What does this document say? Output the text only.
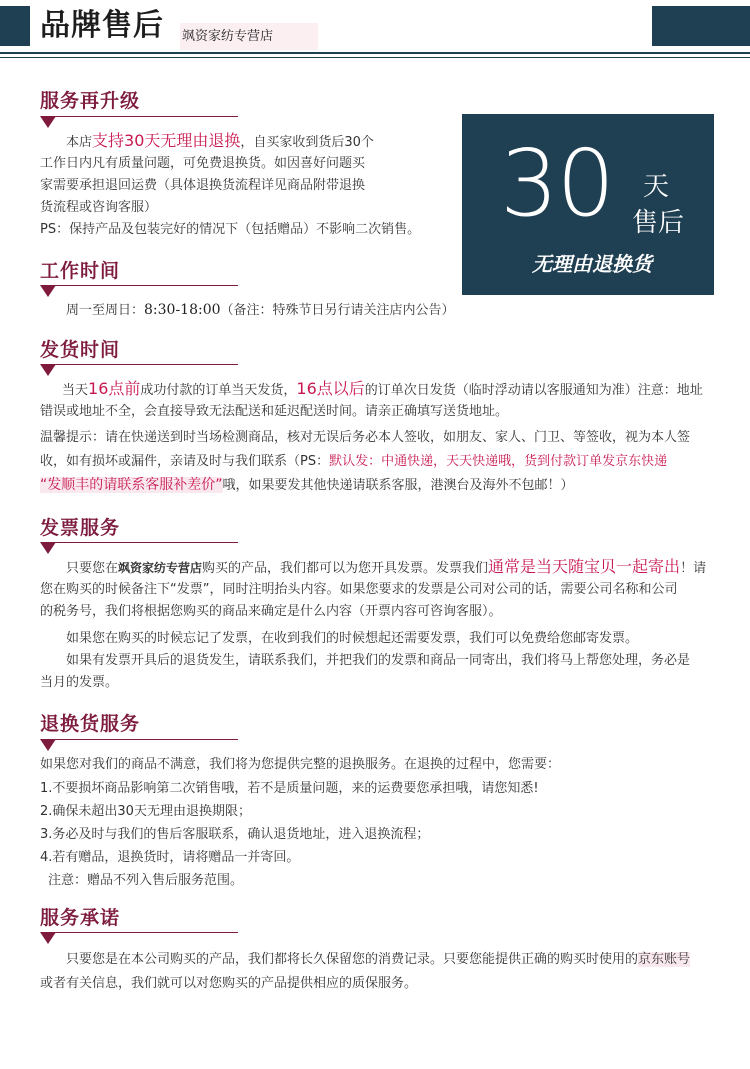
品牌售后 飒资家纺专营店
30 天
售后
无理由退换货
服务再升级
本店支持30天无理由退换，自买家收到货后30个
工作日内凡有质量问题，可免费退换货。如因喜好问题买
家需要承担退回运费（具体退换货流程详见商品附带退换
货流程或咨询客服）
PS：保持产品及包装完好的情况下（包括赠品）不影响二次销售。
工作时间
周一至周日：8:30-18:00（备注：特殊节日另行请关注店内公告）
发货时间
当天16点前成功付款的订单当天发货，16点以后的订单次日发货（临时浮动请以客服通知为准）注意：地址
错误或地址不全，会直接导致无法配送和延迟配送时间。请亲正确填写送货地址。
温馨提示：请在快递送到时当场检测商品，核对无误后务必本人签收，如朋友、家人、门卫、等签收，视为本人签
收，如有损坏或漏件，亲请及时与我们联系（PS：默认发：中通快递，天天快递哦，货到付款订单发京东快递
“发顺丰的请联系客服补差价”哦，如果要发其他快递请联系客服，港澳台及海外不包邮！）
发票服务
只要您在飒资家纺专营店购买的产品，我们都可以为您开具发票。发票我们通常是当天随宝贝一起寄出！请
您在购买的时候备注下“发票”，同时注明抬头内容。如果您要求的发票是公司对公司的话，需要公司名称和公司
的税务号，我们将根据您购买的商品来确定是什么内容（开票内容可咨询客服）。
如果您在购买的时候忘记了发票，在收到我们的时候想起还需要发票，我们可以免费给您邮寄发票。
如果有发票开具后的退货发生，请联系我们，并把我们的发票和商品一同寄出，我们将马上帮您处理，务必是
当月的发票。
退换货服务
如果您对我们的商品不满意，我们将为您提供完整的退换服务。在退换的过程中，您需要：
1.不要损坏商品影响第二次销售哦，若不是质量问题，来的运费要您承担哦，请您知悉!
2.确保未超出30天无理由退换期限；
3.务必及时与我们的售后客服联系，确认退货地址，进入退换流程；
4.若有赠品，退换货时，请将赠品一并寄回。
注意：赠品不列入售后服务范围。
服务承诺
只要您是在本公司购买的产品，我们都将长久保留您的消费记录。只要您能提供正确的购买时使用的京东账号
或者有关信息，我们就可以对您购买的产品提供相应的质保服务。
